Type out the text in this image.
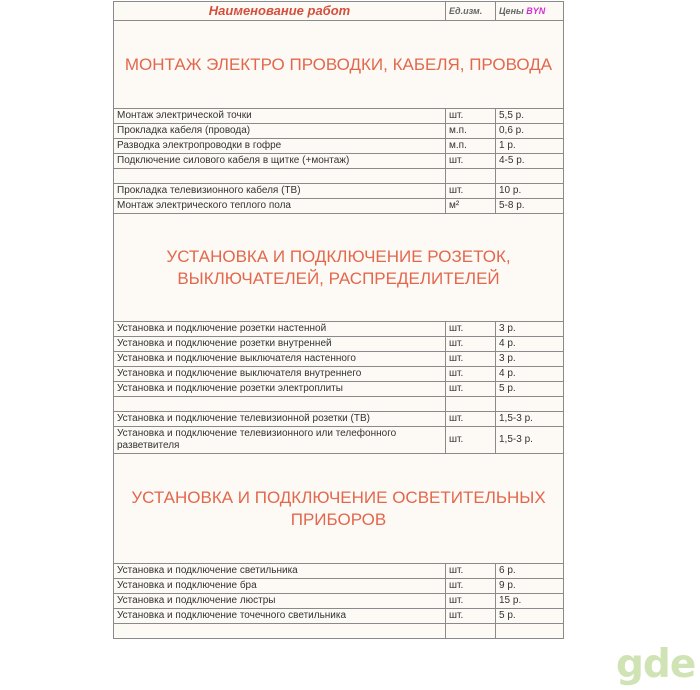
Наименование работ	Ед.изм.	Цены BYN
МОНТАЖ ЭЛЕКТРО ПРОВОДКИ, КАБЕЛЯ, ПРОВОДА		
Монтаж электрической точки	шт.	5,5 р.
Прокладка кабеля (провода)	м.п.	0,6 р.
Разводка электропроводки в гофре	м.п.	1 р.
Подключение силового кабеля в щитке (+монтаж)	шт.	4-5 р.

Прокладка телевизионного кабеля (ТВ)	шт.	10 р.
Монтаж электрического теплого пола	м²	5-8 р.
УСТАНОВКА И ПОДКЛЮЧЕНИЕ РОЗЕТОК, ВЫКЛЮЧАТЕЛЕЙ, РАСПРЕДЕЛИТЕЛЕЙ		
Установка и подключение розетки настенной	шт.	3 р.
Установка и подключение розетки внутренней	шт.	4 р.
Установка и подключение выключателя настенного	шт.	3 р.
Установка и подключение выключателя внутреннего	шт.	4 р.
Установка и подключение розетки электроплиты	шт.	5 р.

Установка и подключение телевизионной розетки (ТВ)	шт.	1,5-3 р.
Установка и подключение телевизионного или телефонного разветвителя	шт.	1,5-3 р.
УСТАНОВКА И ПОДКЛЮЧЕНИЕ ОСВЕТИТЕЛЬНЫХ ПРИБОРОВ		
Установка и подключение светильника	шт.	6 р.
Установка и подключение бра	шт.	9 р.
Установка и подключение люстры	шт.	15 р.
Установка и подключение точечного светильника	шт.	5 р.

gde
